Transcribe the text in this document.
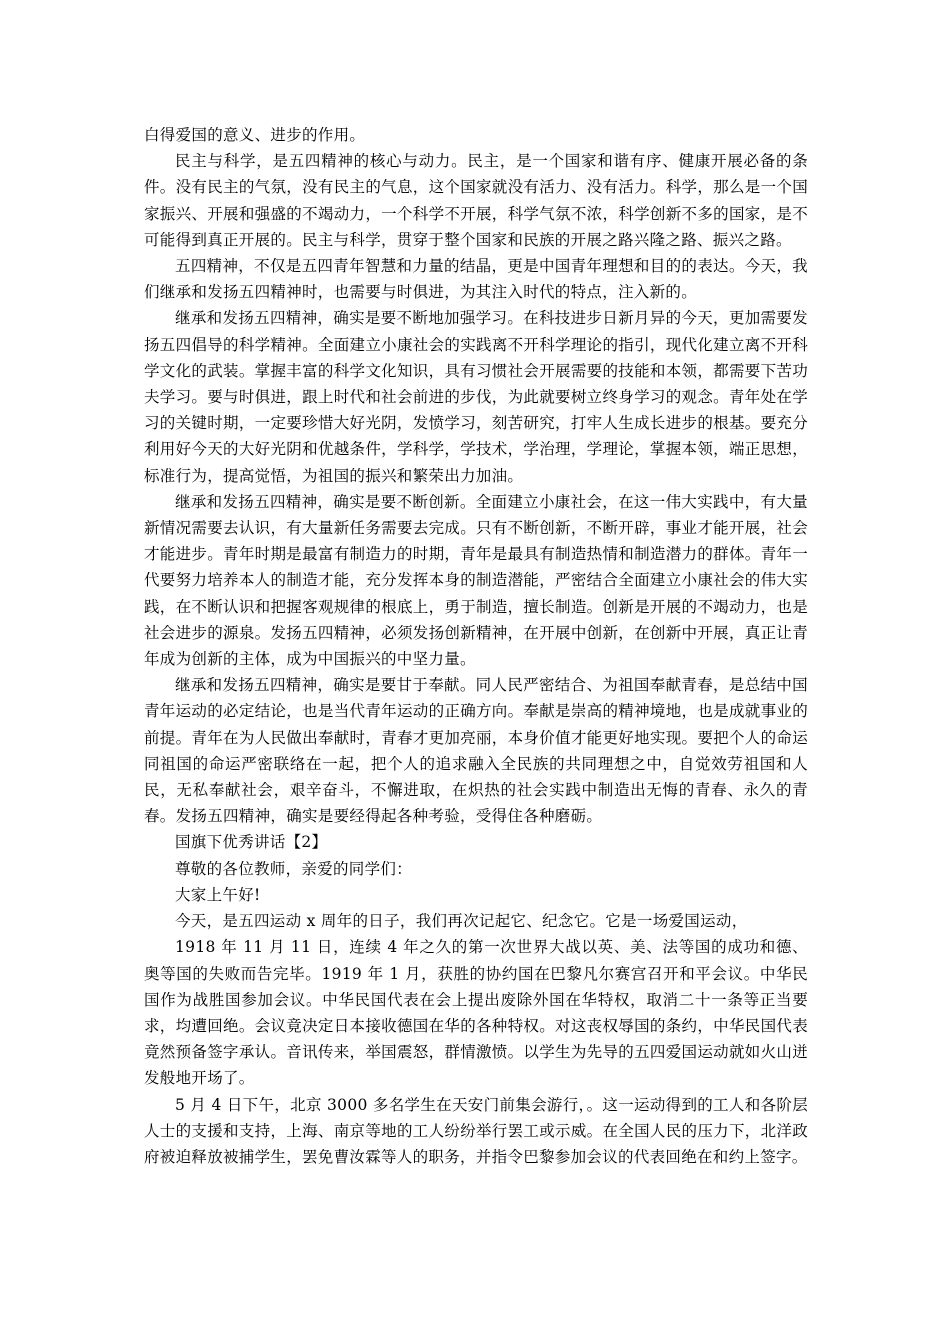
白得爱国的意义、进步的作用。

民主与科学，是五四精神的核心与动力。民主，是一个国家和谐有序、健康开展必备的条件。没有民主的气氛，没有民主的气息，这个国家就没有活力、没有活力。科学，那么是一个国家振兴、开展和强盛的不竭动力，一个科学不开展，科学气氛不浓，科学创新不多的国家，是不可能得到真正开展的。民主与科学，贯穿于整个国家和民族的开展之路兴隆之路、振兴之路。

五四精神，不仅是五四青年智慧和力量的结晶，更是中国青年理想和目的的表达。今天，我们继承和发扬五四精神时，也需要与时俱进，为其注入时代的特点，注入新的。

继承和发扬五四精神，确实是要不断地加强学习。在科技进步日新月异的今天，更加需要发扬五四倡导的科学精神。全面建立小康社会的实践离不开科学理论的指引，现代化建立离不开科学文化的武装。掌握丰富的科学文化知识，具有习惯社会开展需要的技能和本领，都需要下苦功夫学习。要与时俱进，跟上时代和社会前进的步伐，为此就要树立终身学习的观念。青年处在学习的关键时期，一定要珍惜大好光阴，发愤学习，刻苦研究，打牢人生成长进步的根基。要充分利用好今天的大好光阴和优越条件，学科学，学技术，学治理，学理论，掌握本领，端正思想，标准行为，提高觉悟，为祖国的振兴和繁荣出力加油。

继承和发扬五四精神，确实是要不断创新。全面建立小康社会，在这一伟大实践中，有大量新情况需要去认识，有大量新任务需要去完成。只有不断创新，不断开辟，事业才能开展，社会才能进步。青年时期是最富有制造力的时期，青年是最具有制造热情和制造潜力的群体。青年一代要努力培养本人的制造才能，充分发挥本身的制造潜能，严密结合全面建立小康社会的伟大实践，在不断认识和把握客观规律的根底上，勇于制造，擅长制造。创新是开展的不竭动力，也是社会进步的源泉。发扬五四精神，必须发扬创新精神，在开展中创新，在创新中开展，真正让青年成为创新的主体，成为中国振兴的中坚力量。

继承和发扬五四精神，确实是要甘于奉献。同人民严密结合、为祖国奉献青春，是总结中国青年运动的必定结论，也是当代青年运动的正确方向。奉献是崇高的精神境地，也是成就事业的前提。青年在为人民做出奉献时，青春才更加亮丽，本身价值才能更好地实现。要把个人的命运同祖国的命运严密联络在一起，把个人的追求融入全民族的共同理想之中，自觉效劳祖国和人民，无私奉献社会，艰辛奋斗，不懈进取，在炽热的社会实践中制造出无悔的青春、永久的青春。发扬五四精神，确实是要经得起各种考验，受得住各种磨砺。

国旗下优秀讲话【2】

尊敬的各位教师，亲爱的同学们：

大家上午好!

今天，是五四运动 x 周年的日子，我们再次记起它、纪念它。它是一场爱国运动，

1918 年 11 月 11 日，连续 4 年之久的第一次世界大战以英、美、法等国的成功和德、奥等国的失败而告完毕。1919 年 1 月，获胜的协约国在巴黎凡尔赛宫召开和平会议。中华民国作为战胜国参加会议。中华民国代表在会上提出废除外国在华特权，取消二十一条等正当要求，均遭回绝。会议竟决定日本接收德国在华的各种特权。对这丧权辱国的条约，中华民国代表竟然预备签字承认。音讯传来，举国震怒，群情激愤。以学生为先导的五四爱国运动就如火山迸发般地开场了。

5 月 4 日下午，北京 3000 多名学生在天安门前集会游行，。这一运动得到的工人和各阶层人士的支援和支持，上海、南京等地的工人纷纷举行罢工或示威。在全国人民的压力下，北洋政府被迫释放被捕学生，罢免曹汝霖等人的职务，并指令巴黎参加会议的代表回绝在和约上签字。
